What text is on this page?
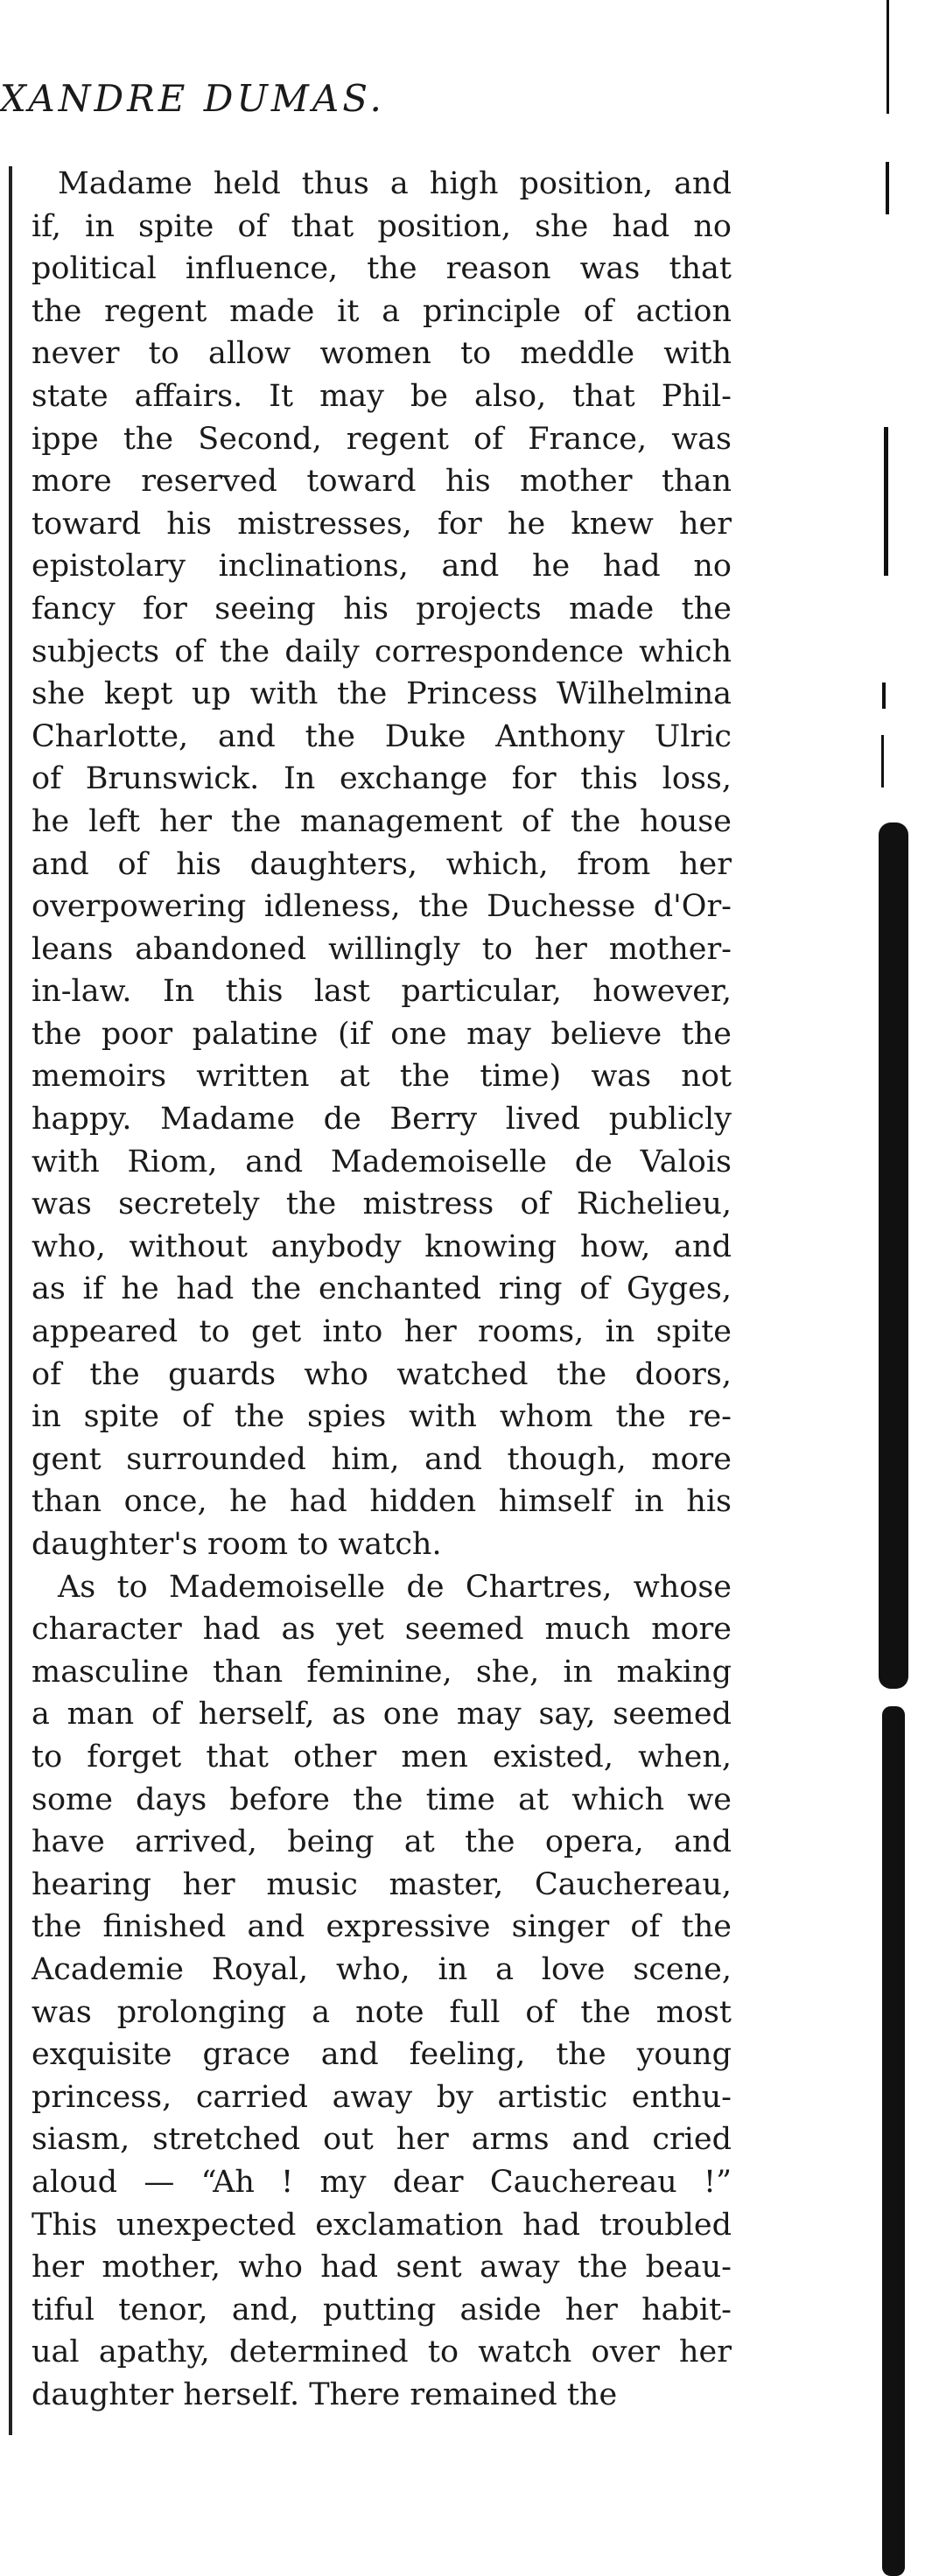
XANDRE DUMAS.
Madame held thus a high position, and
if, in spite of that position, she had no
political influence, the reason was that
the regent made it a principle of action
never to allow women to meddle with
state affairs. It may be also, that Phil-
ippe the Second, regent of France, was
more reserved toward his mother than
toward his mistresses, for he knew her
epistolary inclinations, and he had no
fancy for seeing his projects made the
subjects of the daily correspondence which
she kept up with the Princess Wilhelmina
Charlotte, and the Duke Anthony Ulric
of Brunswick. In exchange for this loss,
he left her the management of the house
and of his daughters, which, from her
overpowering idleness, the Duchesse d'Or-
leans abandoned willingly to her mother-
in-law. In this last particular, however,
the poor palatine (if one may believe the
memoirs written at the time) was not
happy. Madame de Berry lived publicly
with Riom, and Mademoiselle de Valois
was secretely the mistress of Richelieu,
who, without anybody knowing how, and
as if he had the enchanted ring of Gyges,
appeared to get into her rooms, in spite
of the guards who watched the doors,
in spite of the spies with whom the re-
gent surrounded him, and though, more
than once, he had hidden himself in his
daughter's room to watch.
As to Mademoiselle de Chartres, whose
character had as yet seemed much more
masculine than feminine, she, in making
a man of herself, as one may say, seemed
to forget that other men existed, when,
some days before the time at which we
have arrived, being at the opera, and
hearing her music master, Cauchereau,
the finished and expressive singer of the
Academie Royal, who, in a love scene,
was prolonging a note full of the most
exquisite grace and feeling, the young
princess, carried away by artistic enthu-
siasm, stretched out her arms and cried
aloud — “Ah ! my dear Cauchereau !”
This unexpected exclamation had troubled
her mother, who had sent away the beau-
tiful tenor, and, putting aside her habit-
ual apathy, determined to watch over her
daughter herself. There remained the
